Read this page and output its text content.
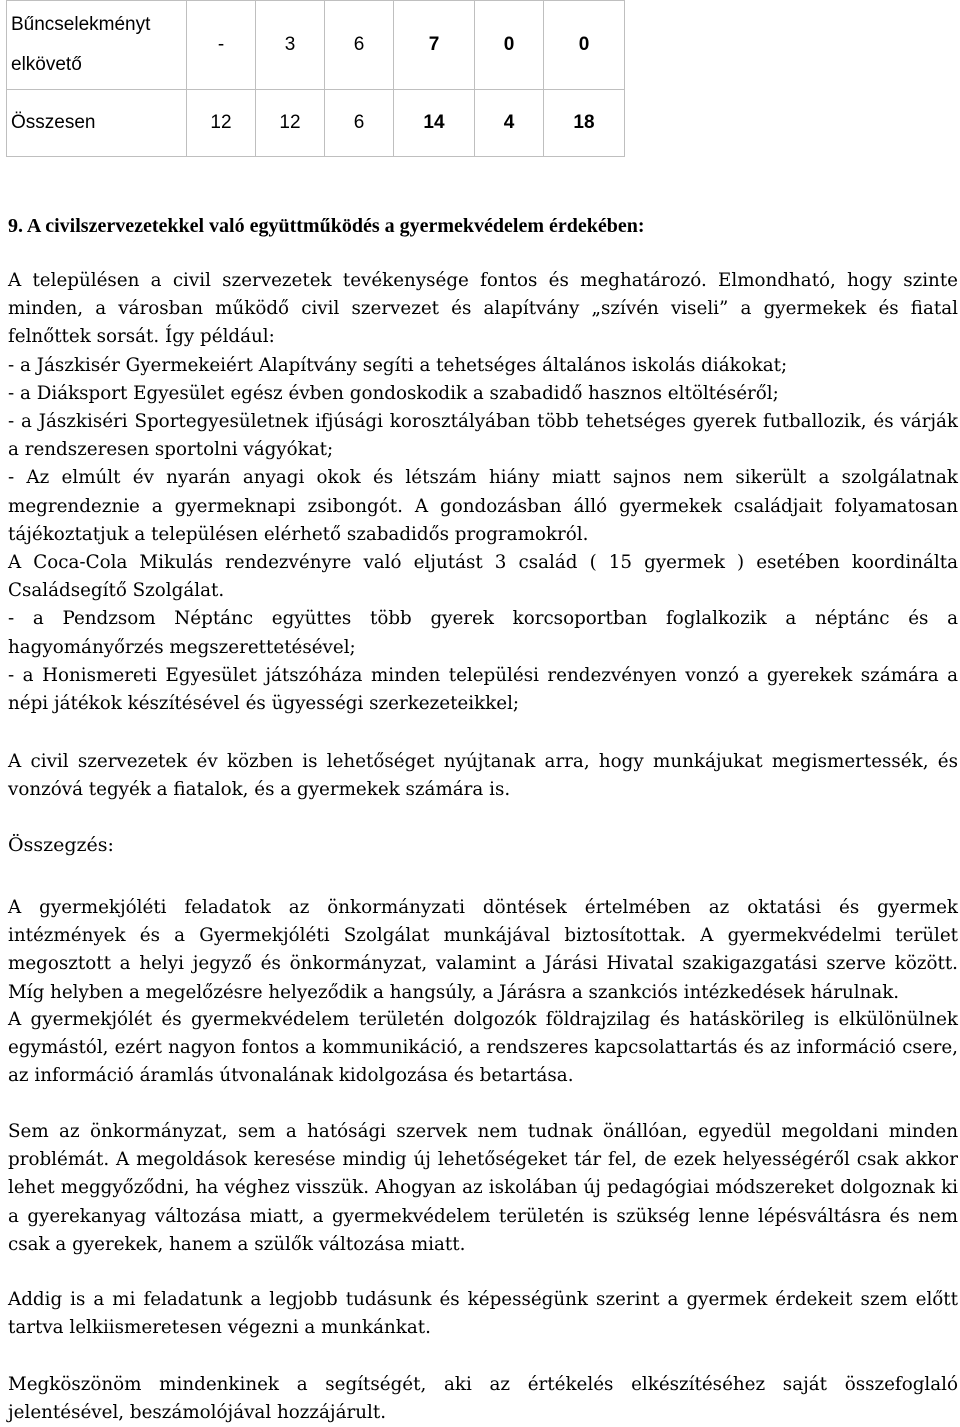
Bűncselekményt elkövető	-	3	6	7	0	0
Összesen	12	12	6	14	4	18
9. A civilszervezetekkel való együttműködés a gyermekvédelem érdekében:

A településen a civil szervezetek tevékenysége fontos és meghatározó. Elmondható, hogy szinte minden, a városban működő civil szervezet és alapítvány „szívén viseli” a gyermekek és fiatal felnőttek sorsát. Így például:

- a Jászkisér Gyermekeiért Alapítvány segíti a tehetséges általános iskolás diákokat;

- a Diáksport Egyesület egész évben gondoskodik a szabadidő hasznos eltöltéséről;

- a Jászkiséri Sportegyesületnek ifjúsági korosztályában több tehetséges gyerek futballozik, és várják a rendszeresen sportolni vágyókat;

- Az elmúlt év nyarán anyagi okok és létszám hiány miatt sajnos nem sikerült a szolgálatnak megrendeznie a gyermeknapi zsibongót. A gondozásban álló gyermekek családjait folyamatosan tájékoztatjuk a településen elérhető szabadidős programokról.

A Coca-Cola Mikulás rendezvényre való eljutást 3 család ( 15 gyermek ) esetében koordinálta Családsegítő Szolgálat.

- a Pendzsom Néptánc együttes több gyerek korcsoportban foglalkozik a néptánc és a hagyományőrzés megszerettetésével;

- a Honismereti Egyesület játszóháza minden települési rendezvényen vonzó a gyerekek számára a népi játékok készítésével és ügyességi szerkezeteikkel;

A civil szervezetek év közben is lehetőséget nyújtanak arra, hogy munkájukat megismertessék, és vonzóvá tegyék a fiatalok, és a gyermekek számára is.
Összegzés:
A gyermekjóléti feladatok az önkormányzati döntések értelmében az oktatási és gyermek intézmények és a Gyermekjóléti Szolgálat munkájával biztosítottak. A gyermekvédelmi terület megosztott a helyi jegyző és önkormányzat, valamint a Járási Hivatal szakigazgatási szerve között. Míg helyben a megelőzésre helyeződik a hangsúly, a Járásra a szankciós intézkedések hárulnak.
A gyermekjólét és gyermekvédelem területén dolgozók földrajzilag és hatáskörileg is elkülönülnek egymástól, ezért nagyon fontos a kommunikáció, a rendszeres kapcsolattartás és az információ csere, az információ áramlás útvonalának kidolgozása és betartása.
Sem az önkormányzat, sem a hatósági szervek nem tudnak önállóan, egyedül megoldani minden problémát. A megoldások keresése mindig új lehetőségeket tár fel, de ezek helyességéről csak akkor lehet meggyőződni, ha véghez visszük. Ahogyan az iskolában új pedagógiai módszereket dolgoznak ki a gyerekanyag változása miatt, a gyermekvédelem területén is szükség lenne lépésváltásra és nem csak a gyerekek, hanem a szülők változása miatt.
Addig is a mi feladatunk a legjobb tudásunk és képességünk szerint a gyermek érdekeit szem előtt tartva lelkiismeretesen végezni a munkánkat.
Megköszönöm mindenkinek a segítségét, aki az értékelés elkészítéséhez saját összefoglaló jelentésével, beszámolójával hozzájárult.
